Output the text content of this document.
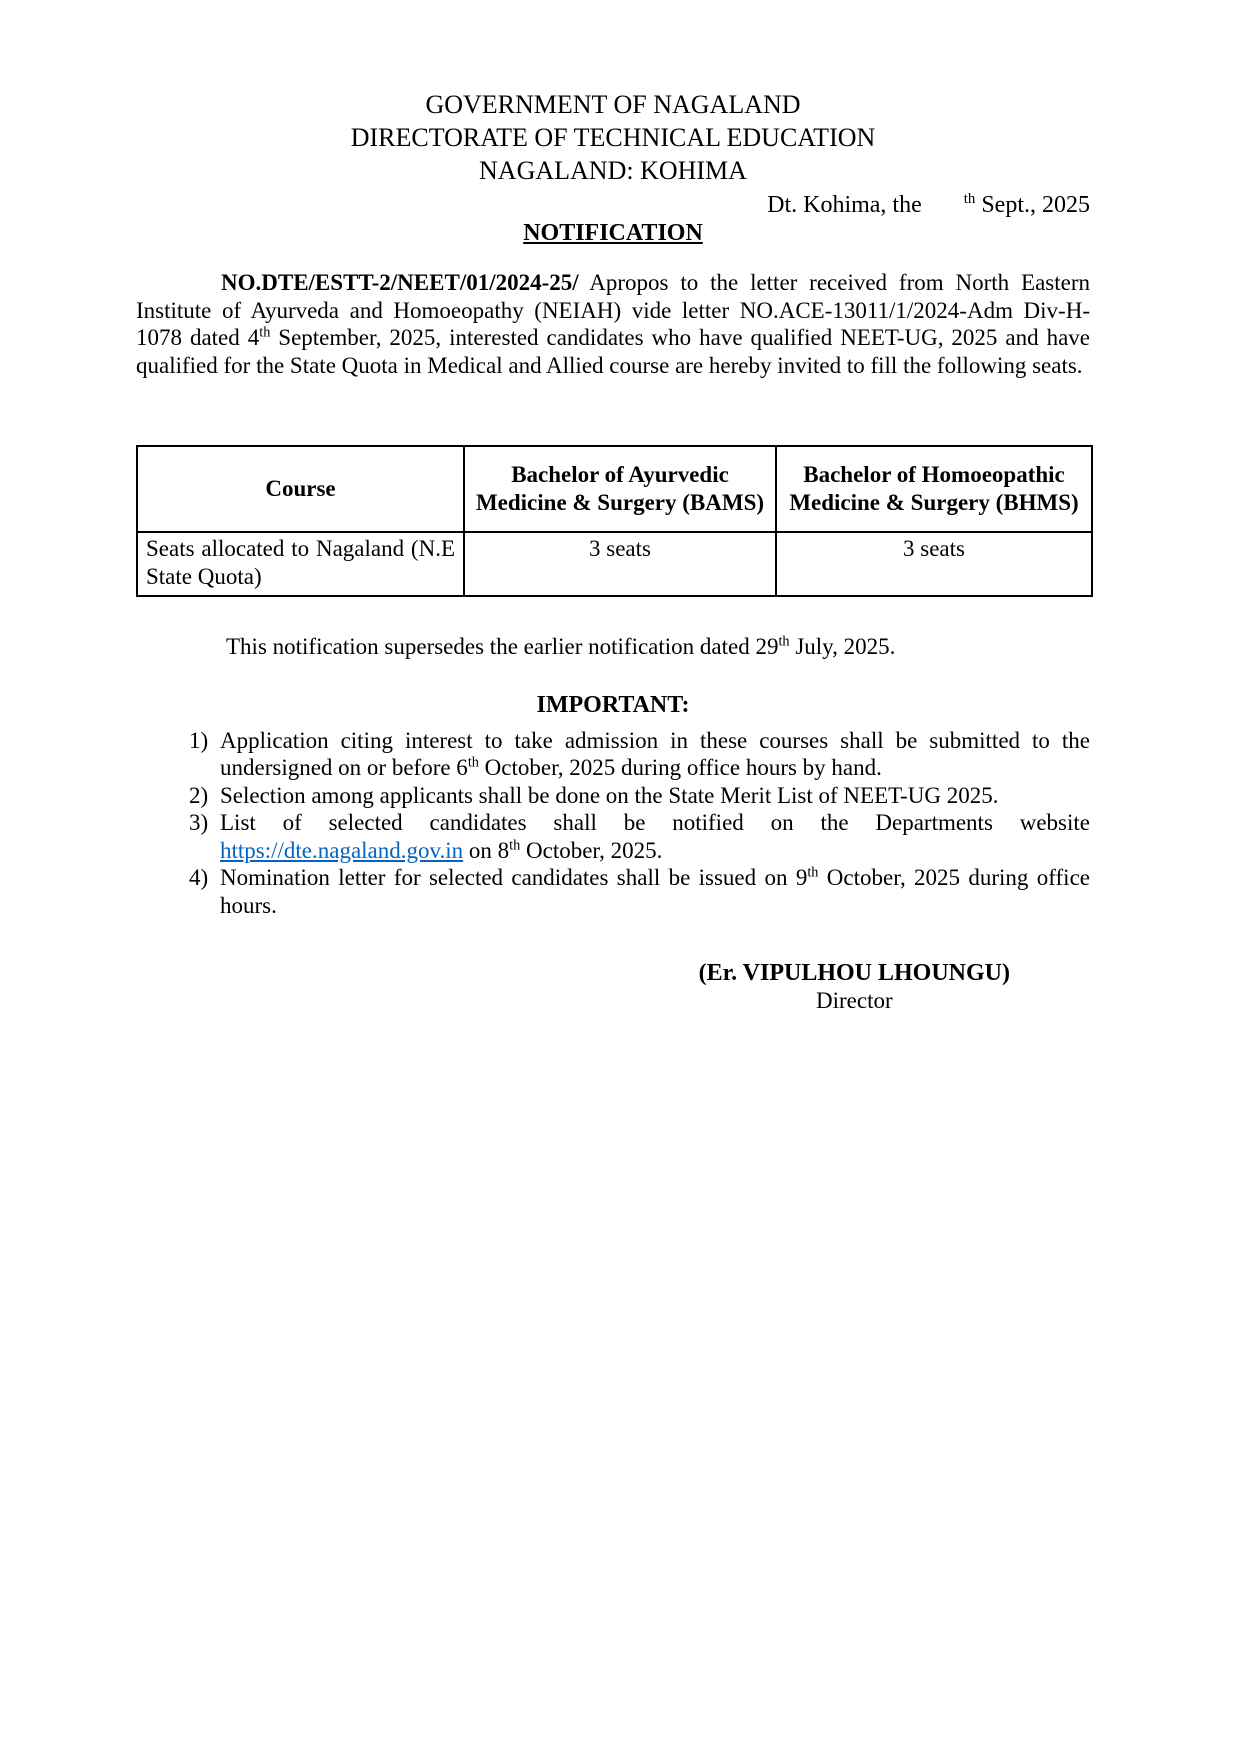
GOVERNMENT OF NAGALAND
DIRECTORATE OF TECHNICAL EDUCATION
NAGALAND: KOHIMA
Dt. Kohima, the       $^{th}$ Sept., 2025
NOTIFICATION
NO.DTE/ESTT-2/NEET/01/2024-25/ Apropos to the letter received from North Eastern Institute of Ayurveda and Homoeopathy (NEIAH) vide letter NO.ACE-13011/1/2024-Adm Div-H-1078 dated 4th September, 2025, interested candidates who have qualified NEET-UG, 2025 and have qualified for the State Quota in Medical and Allied course are hereby invited to fill the following seats.
Course	Bachelor of Ayurvedic Medicine & Surgery (BAMS)	Bachelor of Homoeopathic Medicine & Surgery (BHMS)
Seats allocated to Nagaland (N.E State Quota)	3 seats	3 seats
This notification supersedes the earlier notification dated 29th July, 2025.
IMPORTANT:
1) Application citing interest to take admission in these courses shall be submitted to the undersigned on or before 6th October, 2025 during office hours by hand.
2) Selection among applicants shall be done on the State Merit List of NEET-UG 2025.
3) List of selected candidates shall be notified on the Departments website https://dte.nagaland.gov.in on 8th October, 2025.
4) Nomination letter for selected candidates shall be issued on 9th October, 2025 during office hours.
(Er. VIPULHOU LHOUNGU)
Director
